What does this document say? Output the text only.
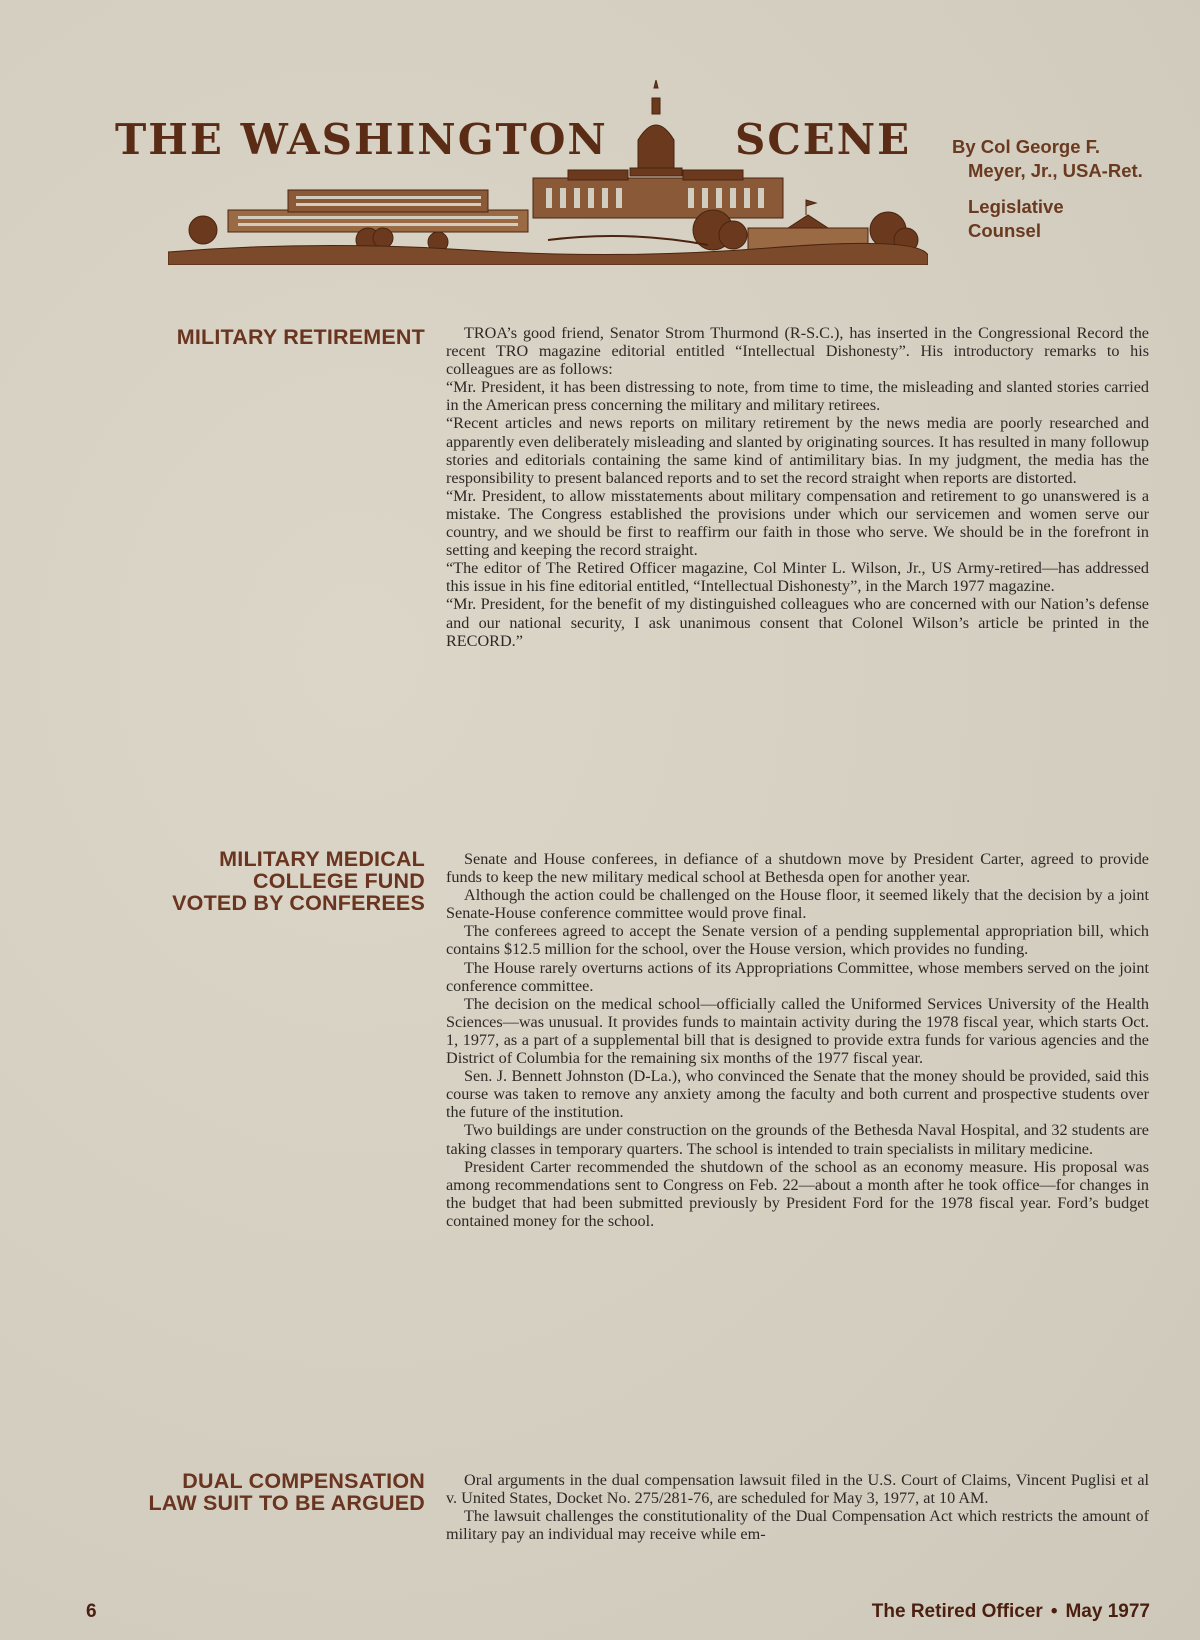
THE WASHINGTON	SCENE By Col George F.
Meyer, Jr., USA-Ret.
Legislative
Counsel
MILITARY RETIREMENT	TROA’s good friend, Senator Strom Thurmond (R-S.C.), has inserted in the Congressional Record the recent TRO magazine editorial entitled “Intellectual Dishonesty”. His introductory remarks to his colleagues are as follows:

“Mr. President, it has been distressing to note, from time to time, the misleading and slanted stories carried in the American press concerning the military and military retirees.

“Recent articles and news reports on military retirement by the news media are poorly researched and apparently even deliberately misleading and slanted by originating sources. It has resulted in many followup stories and editorials containing the same kind of antimilitary bias. In my judgment, the media has the responsibility to present balanced reports and to set the record straight when reports are distorted.

“Mr. President, to allow misstatements about military compensation and retirement to go unanswered is a mistake. The Congress established the provisions under which our servicemen and women serve our country, and we should be first to reaffirm our faith in those who serve. We should be in the forefront in setting and keeping the record straight.

“The editor of The Retired Officer magazine, Col Minter L. Wilson, Jr., US Army-retired—has addressed this issue in his fine editorial entitled, “Intellectual Dishonesty”, in the March 1977 magazine.

“Mr. President, for the benefit of my distinguished colleagues who are concerned with our Nation’s defense and our national security, I ask unanimous consent that Colonel Wilson’s article be printed in the RECORD.”

MILITARY MEDICAL
COLLEGE FUND
VOTED BY CONFEREES

Senate and House conferees, in defiance of a shutdown move by President Carter, agreed to provide funds to keep the new military medical school at Bethesda open for another year.

Although the action could be challenged on the House floor, it seemed likely that the decision by a joint Senate-House conference committee would prove final.

The conferees agreed to accept the Senate version of a pending supplemental appropriation bill, which contains $12.5 million for the school, over the House version, which provides no funding.

The House rarely overturns actions of its Appropriations Committee, whose members served on the joint conference committee.

The decision on the medical school—officially called the Uniformed Services University of the Health Sciences—was unusual. It provides funds to maintain activity during the 1978 fiscal year, which starts Oct. 1, 1977, as a part of a supplemental bill that is designed to provide extra funds for various agencies and the District of Columbia for the remaining six months of the 1977 fiscal year.

Sen. J. Bennett Johnston (D-La.), who convinced the Senate that the money should be provided, said this course was taken to remove any anxiety among the faculty and both current and prospective students over the future of the institution.

Two buildings are under construction on the grounds of the Bethesda Naval Hospital, and 32 students are taking classes in temporary quarters. The school is intended to train specialists in military medicine.

President Carter recommended the shutdown of the school as an economy measure. His proposal was among recommendations sent to Congress on Feb. 22—about a month after he took office—for changes in the budget that had been submitted previously by President Ford for the 1978 fiscal year. Ford’s budget contained money for the school.

DUAL COMPENSATION
LAW SUIT TO BE ARGUED

Oral arguments in the dual compensation lawsuit filed in the U.S. Court of Claims, Vincent Puglisi et al v. United States, Docket No. 275/281-76, are scheduled for May 3, 1977, at 10 AM.

The lawsuit challenges the constitutionality of the Dual Compensation Act which restricts the amount of military pay an individual may receive while em-

6	The Retired Officer • May 1977
